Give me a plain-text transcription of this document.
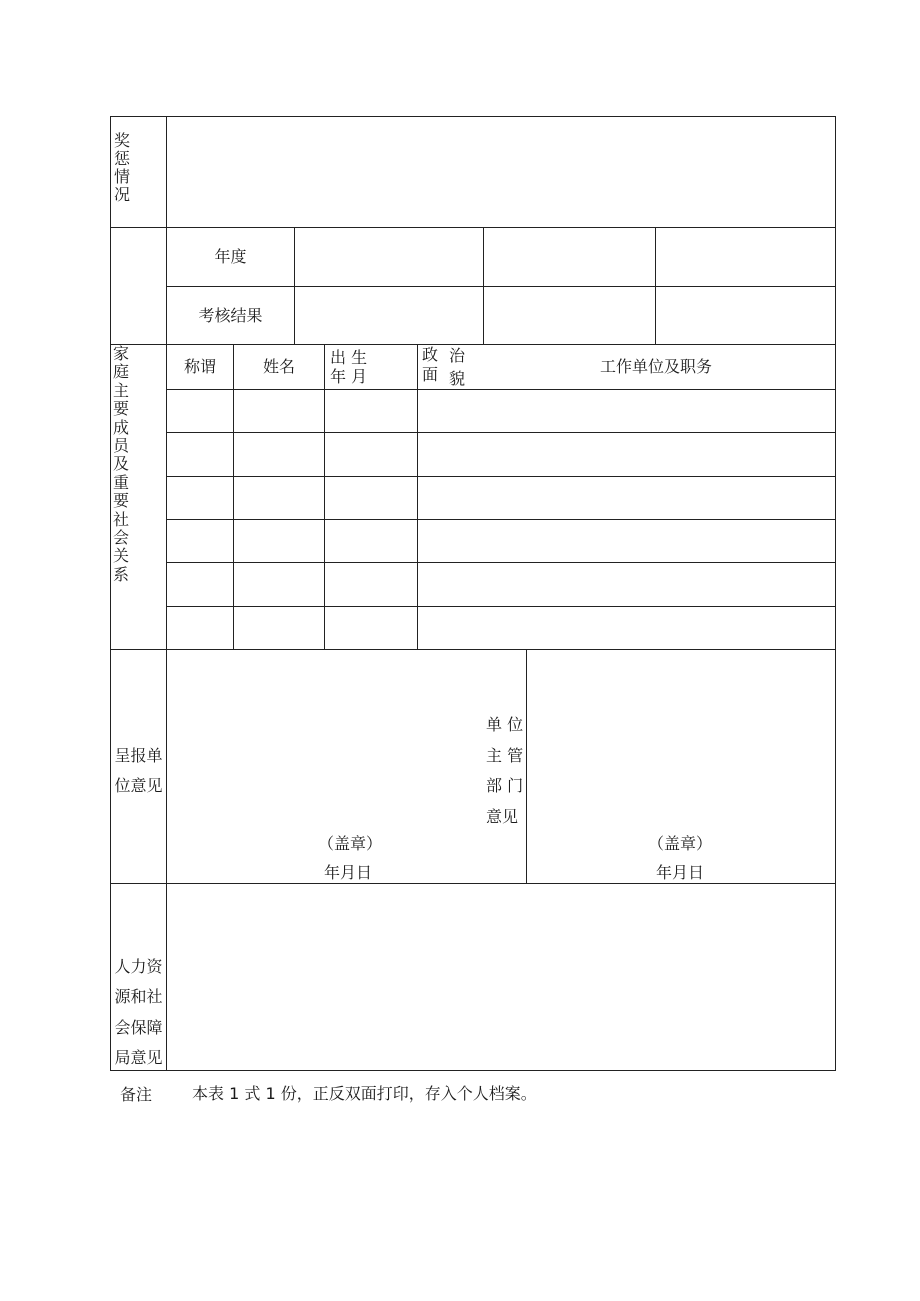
奖
惩
情
况
年度
考核结果
家
庭
主
要
成
员
及
重
要
社
会
关
系
称谓	姓名	出 生
年 月
政 治
面 貌
工作单位及职务
呈报单
位意见
（盖章）
年月日
单 位
主 管
部 门
意见
（盖章）
年月日
人力资
源和社
会保障
局意见
备注 本表 1 式 1 份，正反双面打印，存入个人档案。
